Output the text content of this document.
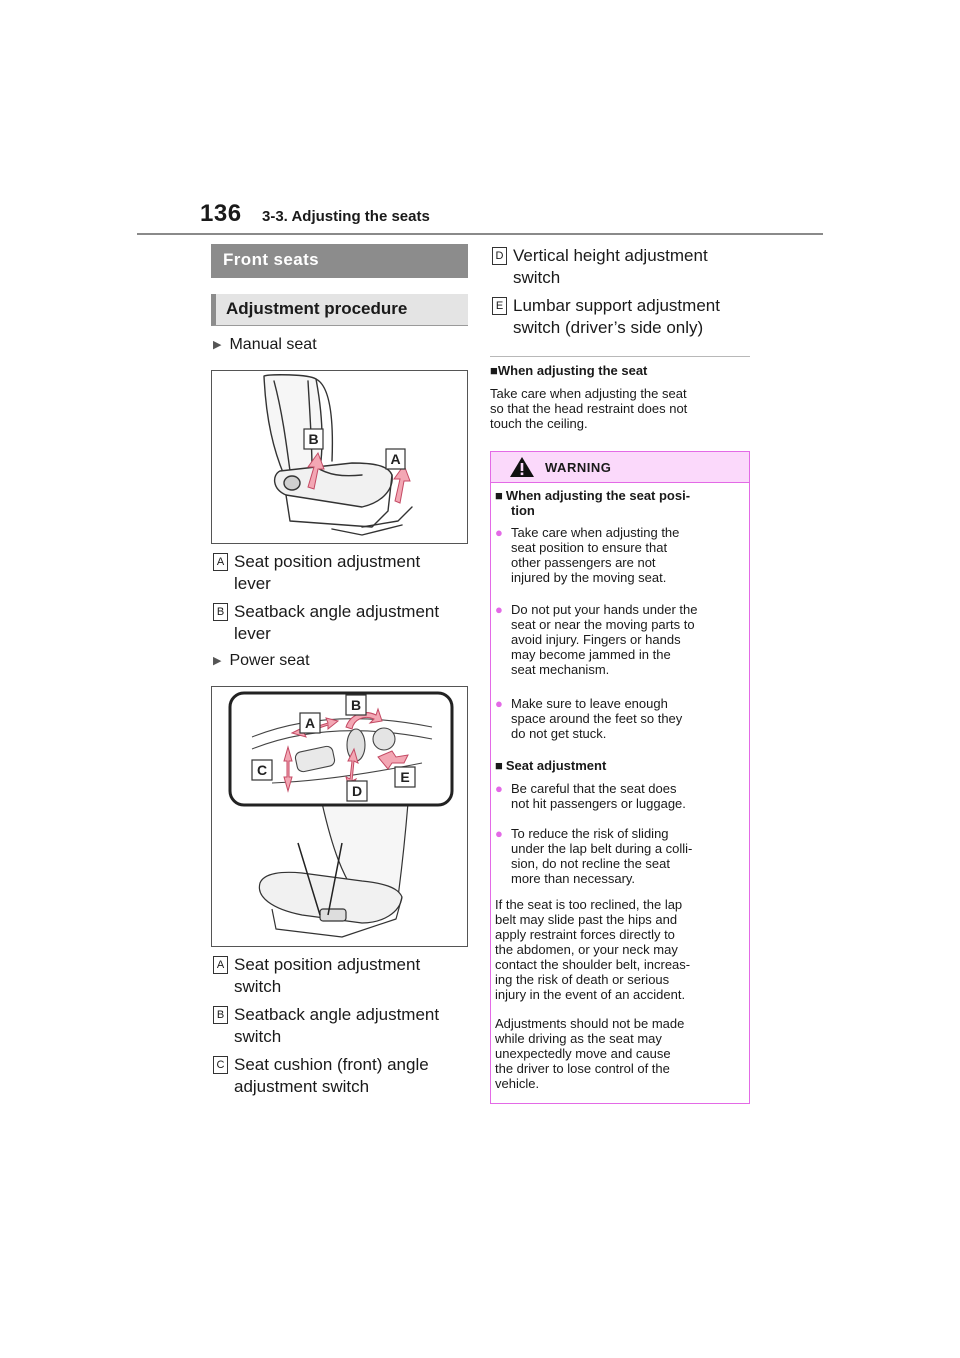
136 3-3. Adjusting the seats
Front seats
Adjustment procedure
▶ Manual seat
B
A
A Seat position adjustment
lever
B Seatback angle adjustment
lever
▶ Power seat
A
B
C
D
E
A Seat position adjustment
switch
B Seatback angle adjustment
switch
C Seat cushion (front) angle
adjustment switch
D Vertical height adjustment
switch
E Lumbar support adjustment
switch (driver’s side only)
■When adjusting the seat
Take care when adjusting the seat
so that the head restraint does not
touch the ceiling.
WARNING
■ When adjusting the seat posi-
tion
● Take care when adjusting the
seat position to ensure that
other passengers are not
injured by the moving seat.
● Do not put your hands under the
seat or near the moving parts to
avoid injury. Fingers or hands
may become jammed in the
seat mechanism.
● Make sure to leave enough
space around the feet so they
do not get stuck.
■ Seat adjustment
● Be careful that the seat does
not hit passengers or luggage.
● To reduce the risk of sliding
under the lap belt during a colli-
sion, do not recline the seat
more than necessary.
If the seat is too reclined, the lap
belt may slide past the hips and
apply restraint forces directly to
the abdomen, or your neck may
contact the shoulder belt, increas-
ing the risk of death or serious
injury in the event of an accident.
Adjustments should not be made
while driving as the seat may
unexpectedly move and cause
the driver to lose control of the
vehicle.
